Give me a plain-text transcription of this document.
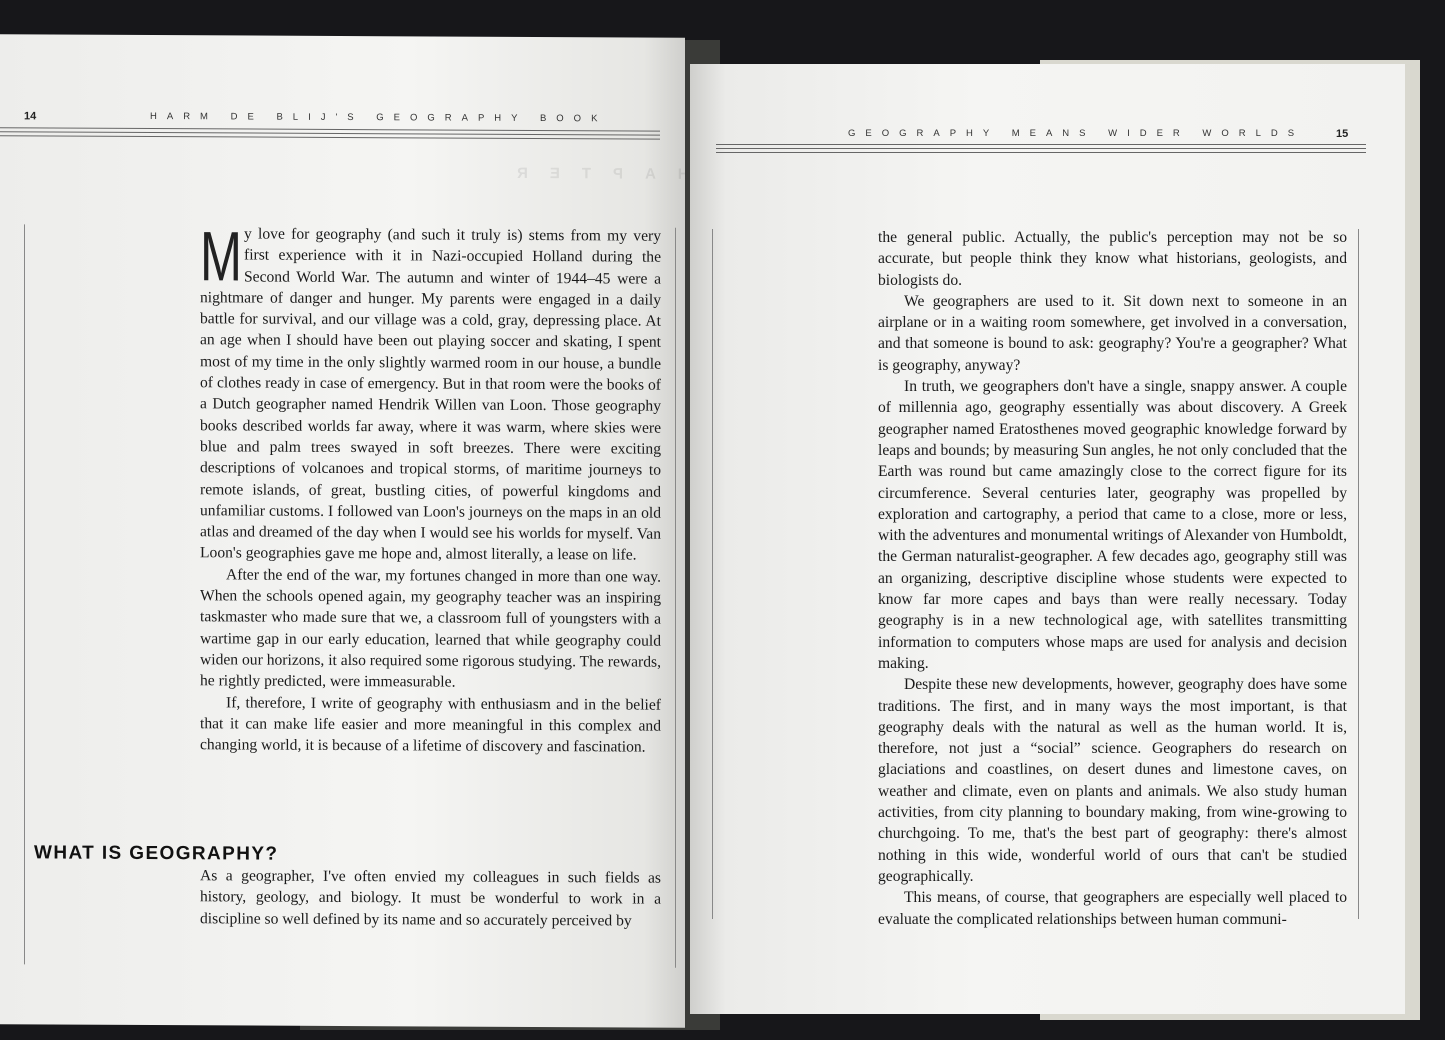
14	HARM DE BLIJ'S GEOGRAPHY BOOK
CHAPTER

My love for geography (and such it truly is) stems from my very first experience with it in Nazi-occupied Holland during the Second World War. The autumn and winter of 1944–45 were a nightmare of danger and hunger. My parents were engaged in a daily battle for survival, and our village was a cold, gray, depressing place. At an age when I should have been out playing soccer and skating, I spent most of my time in the only slightly warmed room in our house, a bundle of clothes ready in case of emergency. But in that room were the books of a Dutch geographer named Hendrik Willen van Loon. Those geography books described worlds far away, where it was warm, where skies were blue and palm trees swayed in soft breezes. There were exciting descriptions of volcanoes and tropical storms, of maritime journeys to remote islands, of great, bustling cities, of powerful kingdoms and unfamiliar customs. I followed van Loon's journeys on the maps in an old atlas and dreamed of the day when I would see his worlds for myself. Van Loon's geographies gave me hope and, almost literally, a lease on life.

After the end of the war, my fortunes changed in more than one way. When the schools opened again, my geography teacher was an inspiring taskmaster who made sure that we, a classroom full of youngsters with a wartime gap in our early education, learned that while geography could widen our horizons, it also required some rigorous studying. The rewards, he rightly predicted, were immeasurable.

If, therefore, I write of geography with enthusiasm and in the belief that it can make life easier and more meaningful in this complex and changing world, it is because of a lifetime of discovery and fascination.

WHAT IS GEOGRAPHY?

As a geographer, I've often envied my colleagues in such fields as history, geology, and biology. It must be wonderful to work in a discipline so well defined by its name and so accurately perceived by

GEOGRAPHY MEANS WIDER WORLDS	15

the general public. Actually, the public's perception may not be so accurate, but people think they know what historians, geologists, and biologists do.

We geographers are used to it. Sit down next to someone in an airplane or in a waiting room somewhere, get involved in a conversation, and that someone is bound to ask: geography? You're a geographer? What is geography, anyway?

In truth, we geographers don't have a single, snappy answer. A couple of millennia ago, geography essentially was about discovery. A Greek geographer named Eratosthenes moved geographic knowledge forward by leaps and bounds; by measuring Sun angles, he not only concluded that the Earth was round but came amazingly close to the correct figure for its circumference. Several centuries later, geography was propelled by exploration and cartography, a period that came to a close, more or less, with the adventures and monumental writings of Alexander von Humboldt, the German naturalist-geographer. A few decades ago, geography still was an organizing, descriptive discipline whose students were expected to know far more capes and bays than were really necessary. Today geography is in a new technological age, with satellites transmitting information to computers whose maps are used for analysis and decision making.

Despite these new developments, however, geography does have some traditions. The first, and in many ways the most important, is that geography deals with the natural as well as the human world. It is, therefore, not just a “social” science. Geographers do research on glaciations and coastlines, on desert dunes and limestone caves, on weather and climate, even on plants and animals. We also study human activities, from city planning to boundary making, from wine-growing to churchgoing. To me, that's the best part of geography: there's almost nothing in this wide, wonderful world of ours that can't be studied geographically.

This means, of course, that geographers are especially well placed to evaluate the complicated relationships between human communi-
